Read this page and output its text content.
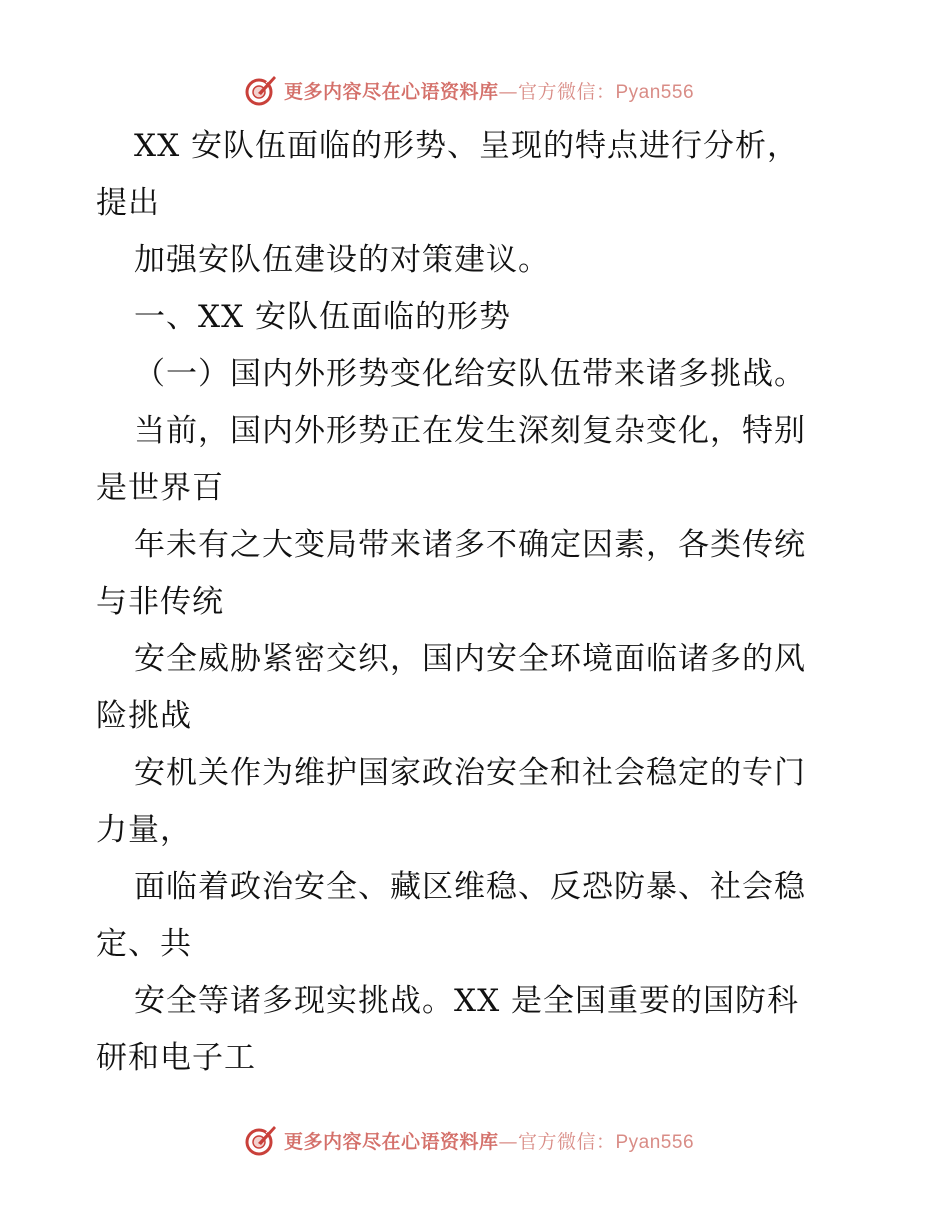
更多内容尽在心语资料库—官方微信：Pyan556
XX 安队伍面临的形势、呈现的特点进行分析，
提出
加强安队伍建设的对策建议。
一、XX 安队伍面临的形势
（一）国内外形势变化给安队伍带来诸多挑战。
当前，国内外形势正在发生深刻复杂变化，特别
是世界百
年未有之大变局带来诸多不确定因素，各类传统
与非传统
安全威胁紧密交织，国内安全环境面临诸多的风
险挑战
安机关作为维护国家政治安全和社会稳定的专门
力量，
面临着政治安全、藏区维稳、反恐防暴、社会稳
定、共
安全等诸多现实挑战。XX 是全国重要的国防科
研和电子工
更多内容尽在心语资料库—官方微信：Pyan556
